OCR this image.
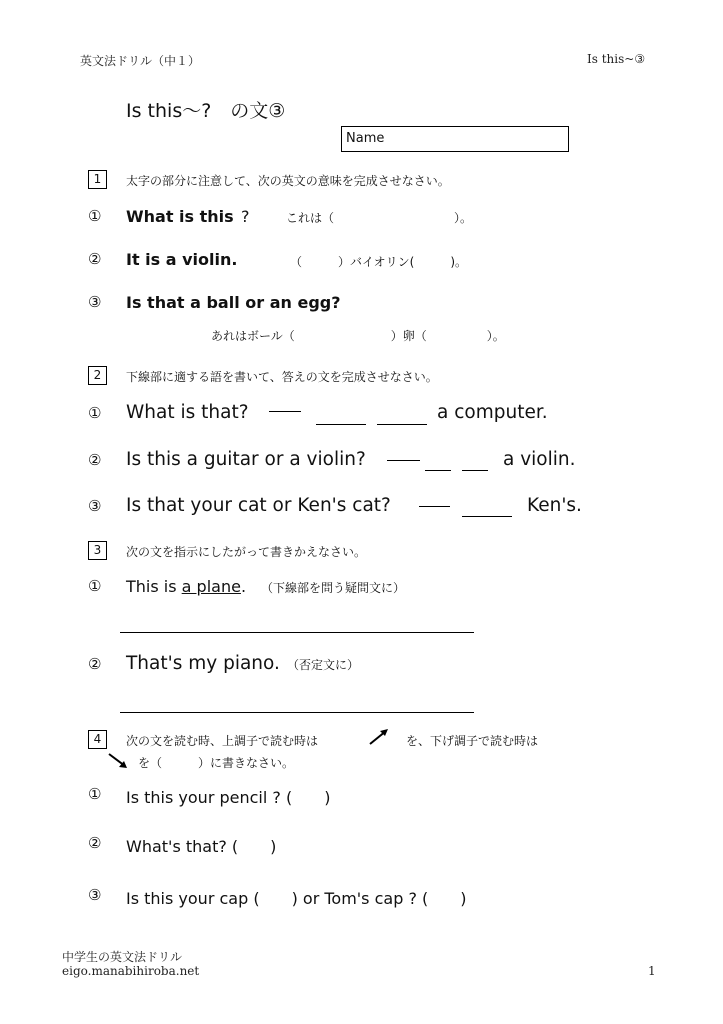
英文法ドリル（中１）	Is this~③
Is this～?　の文③
Name
1	太字の部分に注意して、次の英文の意味を完成させなさい。
① What is this ?	これは（　　　　　　　　　　）。
② It is a violin.	（　　　）バイオリン(　　　)。
③ Is that a ball or an egg?
あれはボール（　　　　　　　　）卵（　　　　　）。
2	下線部に適する語を書いて、答えの文を完成させなさい。
① What is that?	a computer.
② Is this a guitar or a violin?	a violin.
③ Is that your cat or Ken's cat?	Ken's.
3	次の文を指示にしたがって書きかえなさい。
① This is a plane. （下線部を問う疑問文に）
② That's my piano. （否定文に）
4	次の文を読む時、上調子で読む時は	を、下げ調子で読む時は
を（　　　）に書きなさい。
① Is this your pencil ? (　　)
② What's that? (　　)
③ Is this your cap (　　) or Tom's cap ? (　　)
中学生の英文法ドリル
eigo.manabihiroba.net	1
